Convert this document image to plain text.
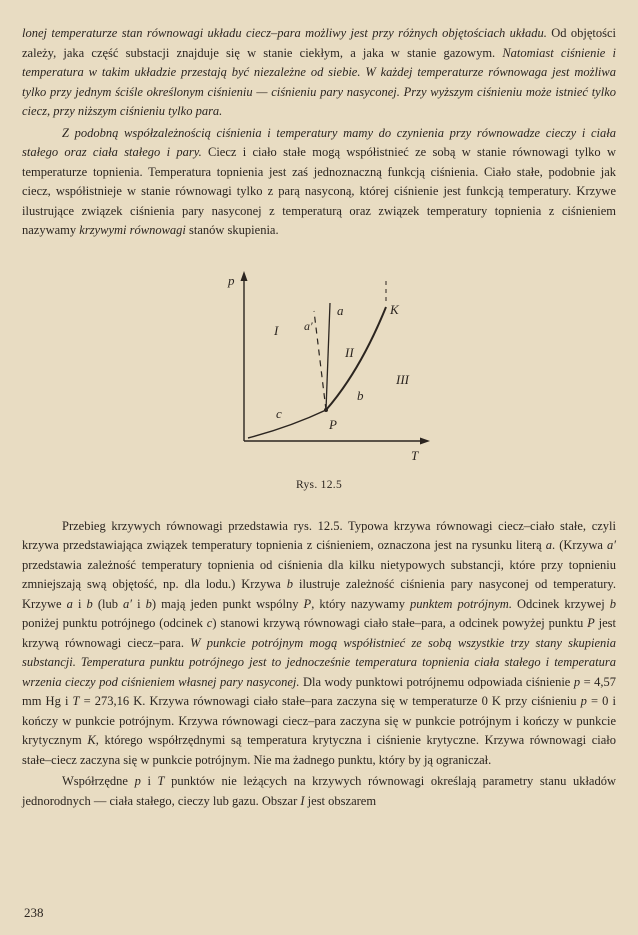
lonej temperaturze stan równowagi układu ciecz–para możliwy jest przy różnych objętościach układu. Od objętości zależy, jaka część substacji znajduje się w stanie ciekłym, a jaka w stanie gazowym. Natomiast ciśnienie i temperatura w takim układzie przestają być niezależne od siebie. W każdej temperaturze równowaga jest możliwa tylko przy jednym ściśle określonym ciśnieniu — ciśnieniu pary nasyconej. Przy wyższym ciśnieniu może istnieć tylko ciecz, przy niższym ciśnieniu tylko para.

Z podobną współzależnością ciśnienia i temperatury mamy do czynienia przy równowadze cieczy i ciała stałego oraz ciała stałego i pary. Ciecz i ciało stałe mogą współistnieć ze sobą w stanie równowagi tylko w temperaturze topnienia. Temperatura topnienia jest zaś jednoznaczną funkcją ciśnienia. Ciało stałe, podobnie jak ciecz, współistnieje w stanie równowagi tylko z parą nasyconą, której ciśnienie jest funkcją temperatury. Krzywe ilustrujące związek ciśnienia pary nasyconej z temperaturą oraz związek temperatury topnienia z ciśnieniem nazywamy krzywymi równowagi stanów skupienia.

p
T
I
II
III
a
a′
b
c
P
K
Rys. 12.5

Przebieg krzywych równowagi przedstawia rys. 12.5. Typowa krzywa równowagi ciecz–ciało stałe, czyli krzywa przedstawiająca związek temperatury topnienia z ciśnieniem, oznaczona jest na rysunku literą a. (Krzywa a′ przedstawia zależność temperatury topnienia od ciśnienia dla kilku nietypowych substancji, które przy topnieniu zmniejszają swą objętość, np. dla lodu.) Krzywa b ilustruje zależność ciśnienia pary nasyconej od temperatury. Krzywe a i b (lub a′ i b) mają jeden punkt wspólny P, który nazywamy punktem potrójnym. Odcinek krzywej b poniżej punktu potrójnego (odcinek c) stanowi krzywą równowagi ciało stałe–para, a odcinek powyżej punktu P jest krzywą równowagi ciecz–para. W punkcie potrójnym mogą współistnieć ze sobą wszystkie trzy stany skupienia substancji. Temperatura punktu potrójnego jest to jednocześnie temperatura topnienia ciała stałego i temperatura wrzenia cieczy pod ciśnieniem własnej pary nasyconej. Dla wody punktowi potrójnemu odpowiada ciśnienie p = 4,57 mm Hg i T = 273,16 K. Krzywa równowagi ciało stałe–para zaczyna się w temperaturze 0 K przy ciśnieniu p = 0 i kończy w punkcie potrójnym. Krzywa równowagi ciecz–para zaczyna się w punkcie potrójnym i kończy w punkcie krytycznym K, którego współrzędnymi są temperatura krytyczna i ciśnienie krytyczne. Krzywa równowagi ciało stałe–ciecz zaczyna się w punkcie potrójnym. Nie ma żadnego punktu, który by ją ograniczał.

Współrzędne p i T punktów nie leżących na krzywych równowagi określają parametry stanu układów jednorodnych — ciała stałego, cieczy lub gazu. Obszar I jest obszarem

238
